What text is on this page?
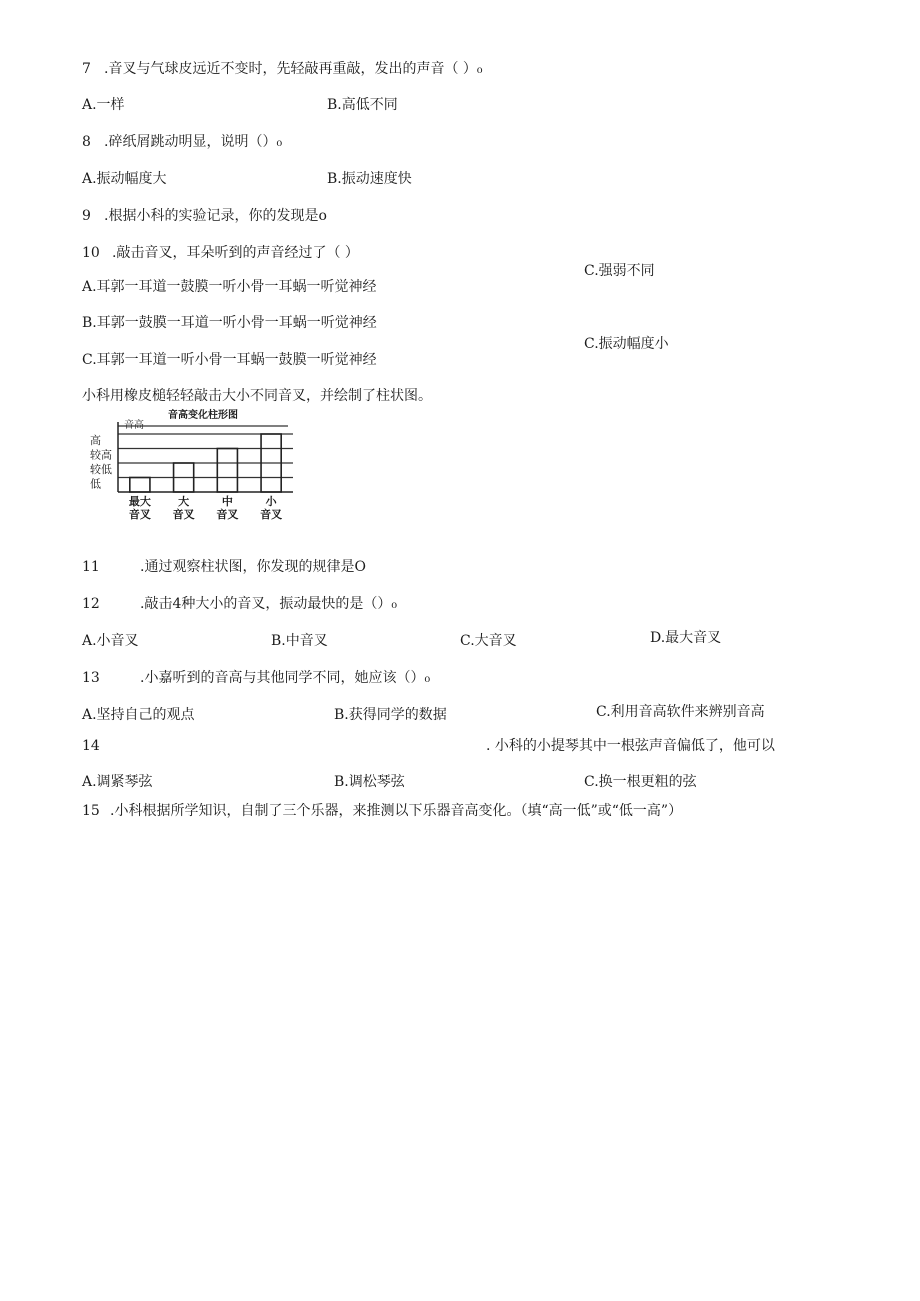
7 .音叉与气球皮远近不变时，先轻敲再重敲，发出的声音（ ）₀
A.一样	B.高低不同
8 .碎纸屑跳动明显，说明（）₀
A.振动幅度大	B.振动速度快
9 .根据小科的实验记录，你的发现是o
10 .敲击音叉，耳朵听到的声音经过了（ ）
C.强弱不同
A.耳郭一耳道一鼓膜一听小骨一耳蜗一听觉神经
B.耳郭一鼓膜一耳道一听小骨一耳蜗一听觉神经
C.振动幅度小
C.耳郭一耳道一听小骨一耳蜗一鼓膜一听觉神经
小科用橡皮槌轻轻敲击大小不同音叉，并绘制了柱状图。
音高变化柱形图
音高
低
较低
较高
高
最大
音叉
大
音叉
中
音叉
小
音叉
11	.通过观察柱状图，你发现的规律是O
12	.敲击4种大小的音叉，振动最快的是（）₀
A.小音叉	B.中音叉	C.大音叉	D.最大音叉
13	.小嘉听到的音高与其他同学不同，她应该（）₀
A.坚持自己的观点	B.获得同学的数据	C.利用音高软件来辨别音高
14	. 小科的小提琴其中一根弦声音偏低了，他可以
A.调紧琴弦	B.调松琴弦	C.换一根更粗的弦
15 .小科根据所学知识，自制了三个乐器，来推测以下乐器音高变化。（填“高一低”或“低一高”）
